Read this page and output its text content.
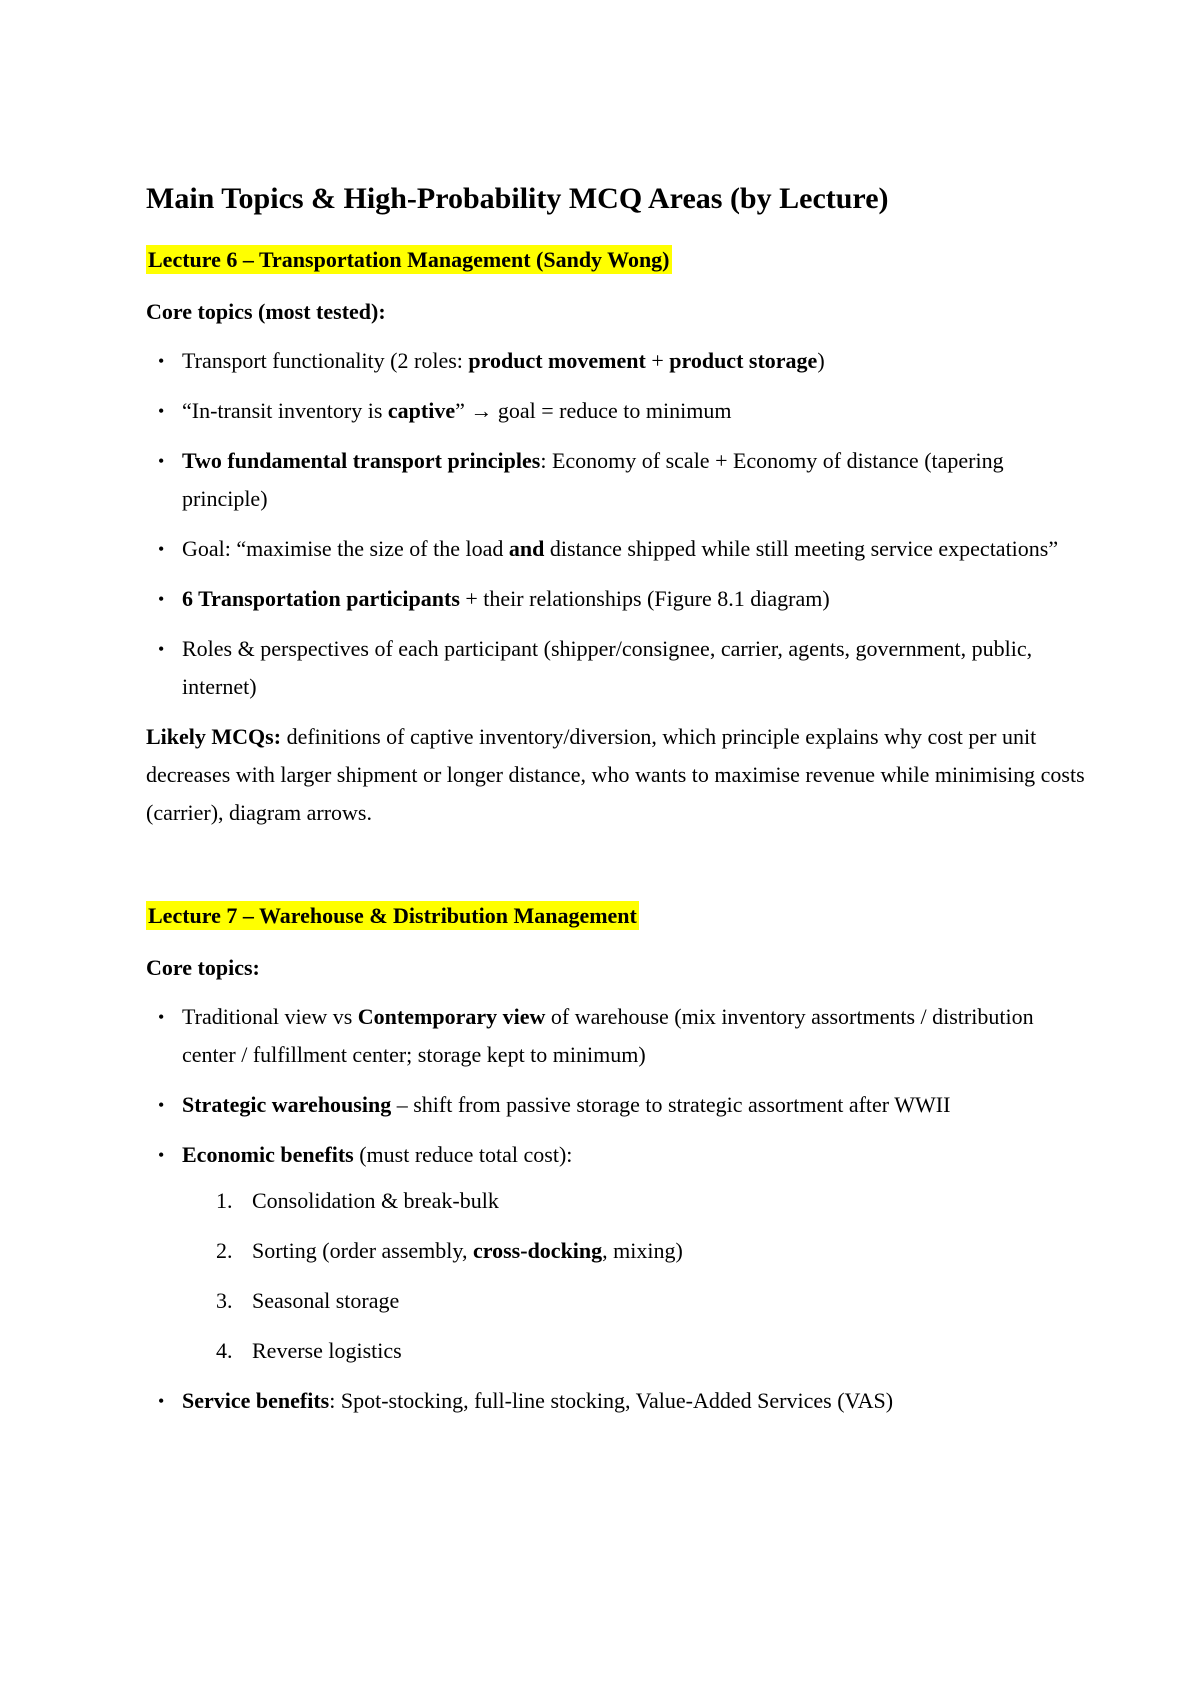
Main Topics & High-Probability MCQ Areas (by Lecture)

Lecture 6 – Transportation Management (Sandy Wong)

Core topics (most tested):

• Transport functionality (2 roles: product movement + product storage)
• “In-transit inventory is captive” → goal = reduce to minimum
• Two fundamental transport principles: Economy of scale + Economy of distance (tapering principle)
• Goal: “maximise the size of the load and distance shipped while still meeting service expectations”
• 6 Transportation participants + their relationships (Figure 8.1 diagram)
• Roles & perspectives of each participant (shipper/consignee, carrier, agents, government, public, internet)

Likely MCQs: definitions of captive inventory/diversion, which principle explains why cost per unit decreases with larger shipment or longer distance, who wants to maximise revenue while minimising costs (carrier), diagram arrows.

Lecture 7 – Warehouse & Distribution Management

Core topics:

• Traditional view vs Contemporary view of warehouse (mix inventory assortments / distribution center / fulfillment center; storage kept to minimum)
• Strategic warehousing – shift from passive storage to strategic assortment after WWII
• Economic benefits (must reduce total cost):
1. Consolidation & break-bulk
2. Sorting (order assembly, cross-docking, mixing)
3. Seasonal storage
4. Reverse logistics
• Service benefits: Spot-stocking, full-line stocking, Value-Added Services (VAS)
